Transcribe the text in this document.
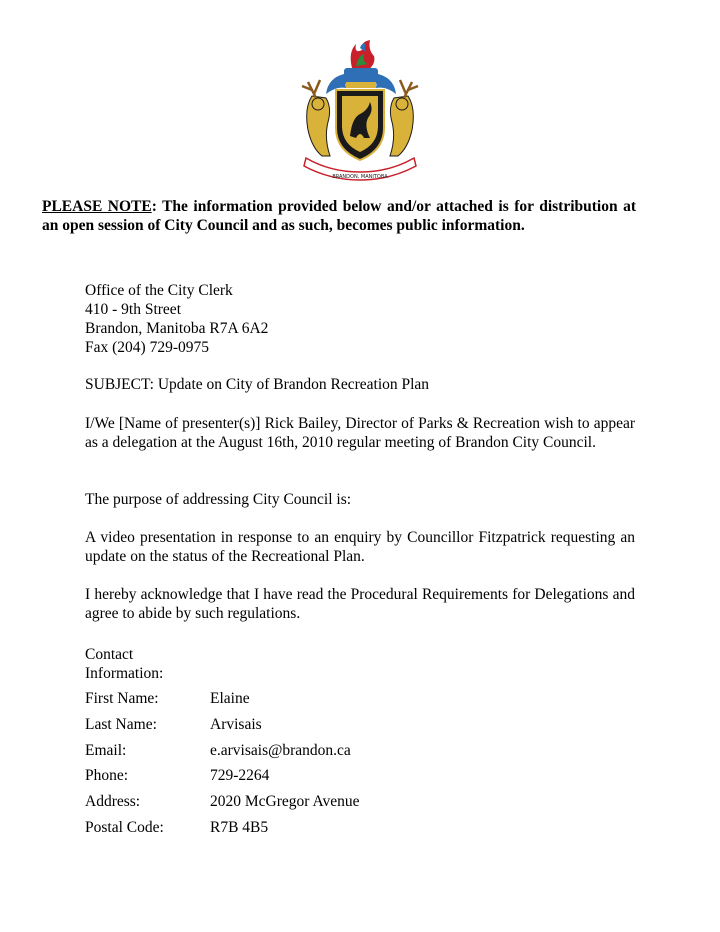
BRANDON, MANITOBA
PLEASE NOTE: The information provided below and/or attached is for distribution at an open session of City Council and as such, becomes public information.
Office of the City Clerk
410 - 9th Street
Brandon, Manitoba R7A 6A2
Fax (204) 729-0975
SUBJECT: Update on City of Brandon Recreation Plan
I/We [Name of presenter(s)] Rick Bailey, Director of Parks & Recreation wish to appear as a delegation at the August 16th, 2010 regular meeting of Brandon City Council.
The purpose of addressing City Council is:
A video presentation in response to an enquiry by Councillor Fitzpatrick requesting an update on the status of the Recreational Plan.
I hereby acknowledge that I have read the Procedural Requirements for Delegations and agree to abide by such regulations.
Contact
Information:
First Name:	Elaine
Last Name:	Arvisais
Email:	e.arvisais@brandon.ca
Phone:	729-2264
Address:	2020 McGregor Avenue
Postal Code:	R7B 4B5
